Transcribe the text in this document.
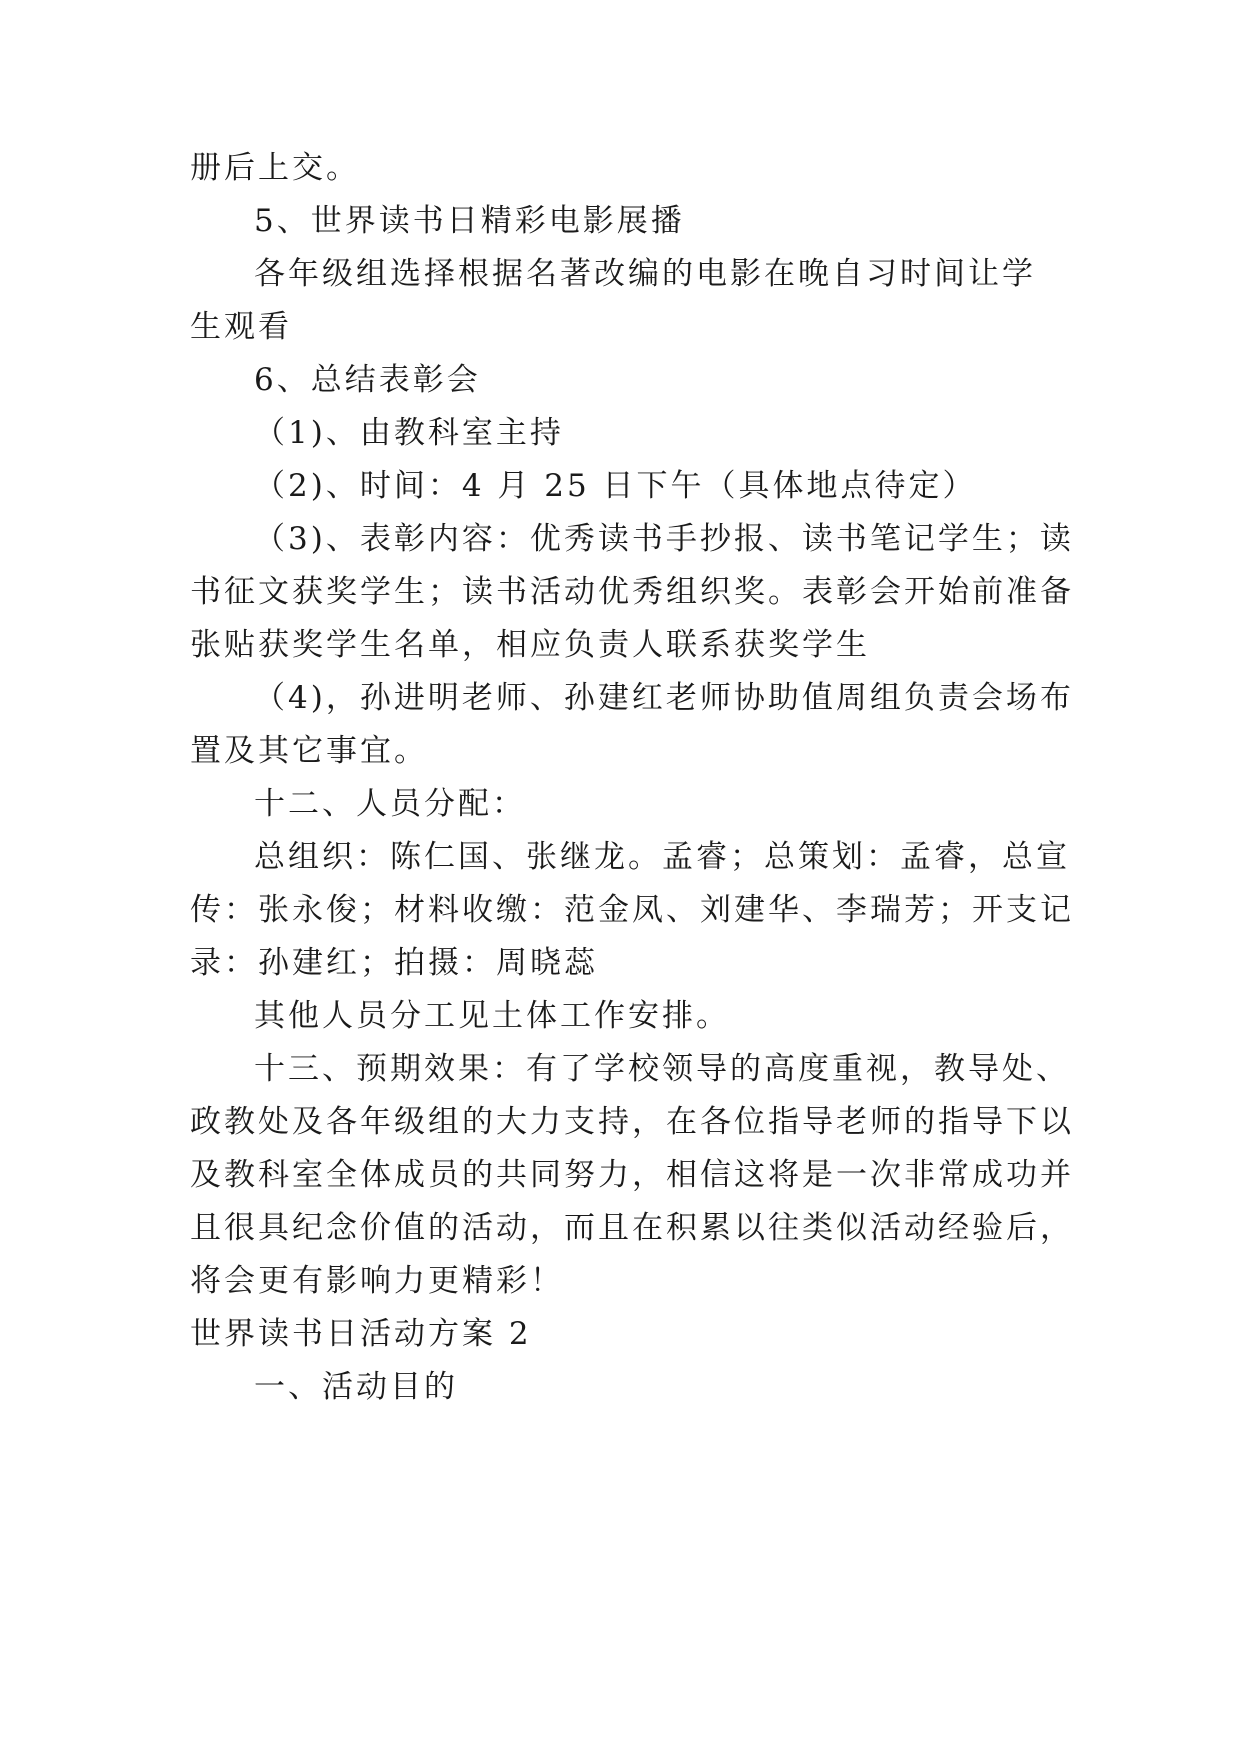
册后上交。
5、世界读书日精彩电影展播
各年级组选择根据名著改编的电影在晚自习时间让学
生观看
6、总结表彰会
（1)、由教科室主持
（2)、时间：4 月 25 日下午（具体地点待定）
（3)、表彰内容：优秀读书手抄报、读书笔记学生；读
书征文获奖学生；读书活动优秀组织奖。表彰会开始前准备
张贴获奖学生名单，相应负责人联系获奖学生
（4)，孙进明老师、孙建红老师协助值周组负责会场布
置及其它事宜。
十二、人员分配：
总组织：陈仁国、张继龙。孟睿；总策划：孟睿，总宣
传：张永俊；材料收缴：范金凤、刘建华、李瑞芳；开支记
录：孙建红；拍摄：周晓蕊
其他人员分工见土体工作安排。
十三、预期效果：有了学校领导的高度重视，教导处、
政教处及各年级组的大力支持，在各位指导老师的指导下以
及教科室全体成员的共同努力，相信这将是一次非常成功并
且很具纪念价值的活动，而且在积累以往类似活动经验后，
将会更有影响力更精彩！
世界读书日活动方案 2
一、活动目的
